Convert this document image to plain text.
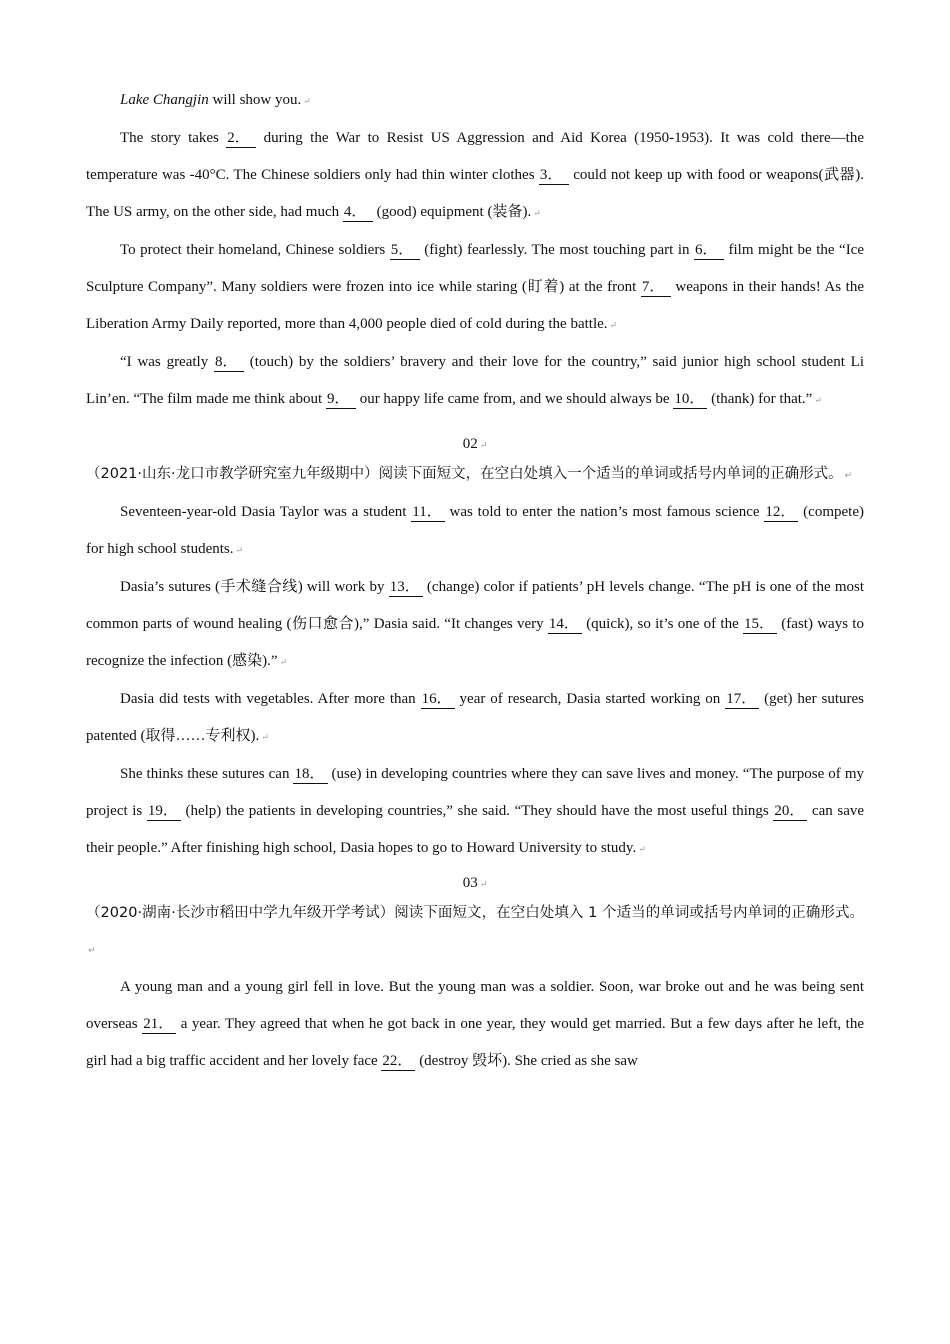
Lake Changjin will show you. ↵

The story takes 2． during the War to Resist US Aggression and Aid Korea (1950-1953). It was cold there—the temperature was -40°C. The Chinese soldiers only had thin winter clothes 3． could not keep up with food or weapons(武器). The US army, on the other side, had much 4． (good) equipment (装备). ↵

To protect their homeland, Chinese soldiers 5． (fight) fearlessly. The most touching part in 6． film might be the “Ice Sculpture Company”. Many soldiers were frozen into ice while staring (盯着) at the front 7． weapons in their hands! As the Liberation Army Daily reported, more than 4,000 people died of cold during the battle. ↵

“I was greatly 8． (touch) by the soldiers’ bravery and their love for the country,” said junior high school student Li Lin’en. “The film made me think about 9． our happy life came from, and we should always be 10． (thank) for that.” ↵

02 ↵

（2021·山东·龙口市教学研究室九年级期中）阅读下面短文，在空白处填入一个适当的单词或括号内单词的正确形式。 ↵

Seventeen-year-old Dasia Taylor was a student 11． was told to enter the nation’s most famous science 12． (compete) for high school students. ↵

Dasia’s sutures (手术缝合线) will work by 13． (change) color if patients’ pH levels change. “The pH is one of the most common parts of wound healing (伤口愈合),” Dasia said. “It changes very 14． (quick), so it’s one of the 15． (fast) ways to recognize the infection (感染).” ↵

Dasia did tests with vegetables. After more than 16． year of research, Dasia started working on 17． (get) her sutures patented (取得……专利权). ↵

She thinks these sutures can 18． (use) in developing countries where they can save lives and money. “The purpose of my project is 19． (help) the patients in developing countries,” she said. “They should have the most useful things 20． can save their people.” After finishing high school, Dasia hopes to go to Howard University to study. ↵

03 ↵

（2020·湖南·长沙市稻田中学九年级开学考试）阅读下面短文，在空白处填入 1 个适当的单词或括号内单词的正确形式。↵

A young man and a young girl fell in love. But the young man was a soldier. Soon, war broke out and he was being sent overseas 21． a year. They agreed that when he got back in one year, they would get married. But a few days after he left, the girl had a big traffic accident and her lovely face 22． (destroy 毁坏). She cried as she saw
